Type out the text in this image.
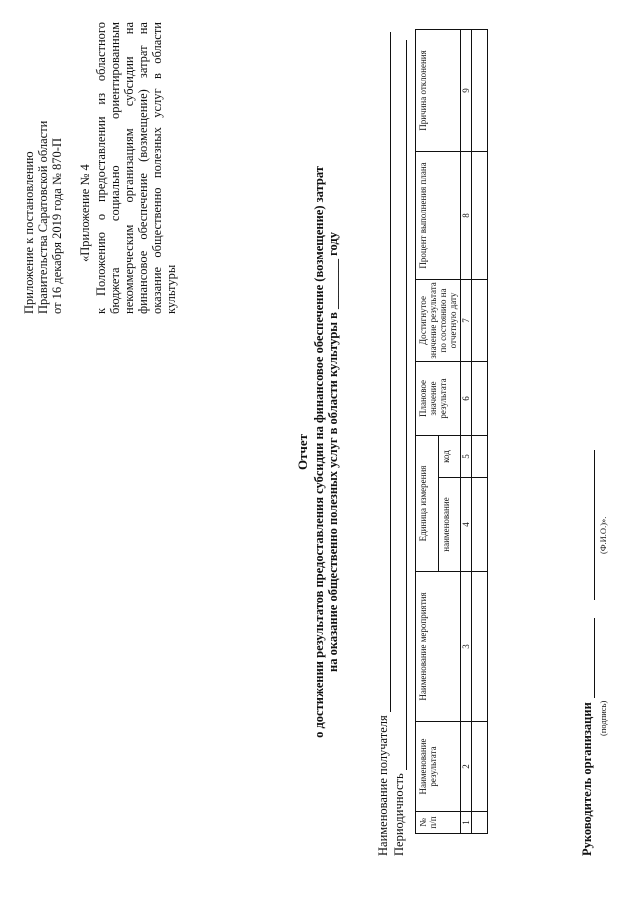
Приложение к постановлению Правительства Саратовской области от 16 декабря 2019 года № 870-П «Приложение № 4 к Положению о предоставлении из областного бюджета социально ориентированным некоммерческим организациям субсидии на финансовое обеспечение (возмещение) затрат на оказание общественно полезных услуг в области культуры
Отчет о достижении результатов предоставления субсидии на финансовое обеспечение (возмещение) затрат на оказание общественно полезных услуг в области культуры в ________ году
Наименование получателя Периодичность № п/п	Наименование результата	Наименование мероприятия	Единица измерения		Плановое значение результата	Достигнутое значение результата по состоянию на отчетную дату	Процент выполнения плана	Причина отклонения
			наименование	код				
1	2	3	4	5	6	7	8	9

Руководитель организации (подпись)
(Ф.И.О.)».
